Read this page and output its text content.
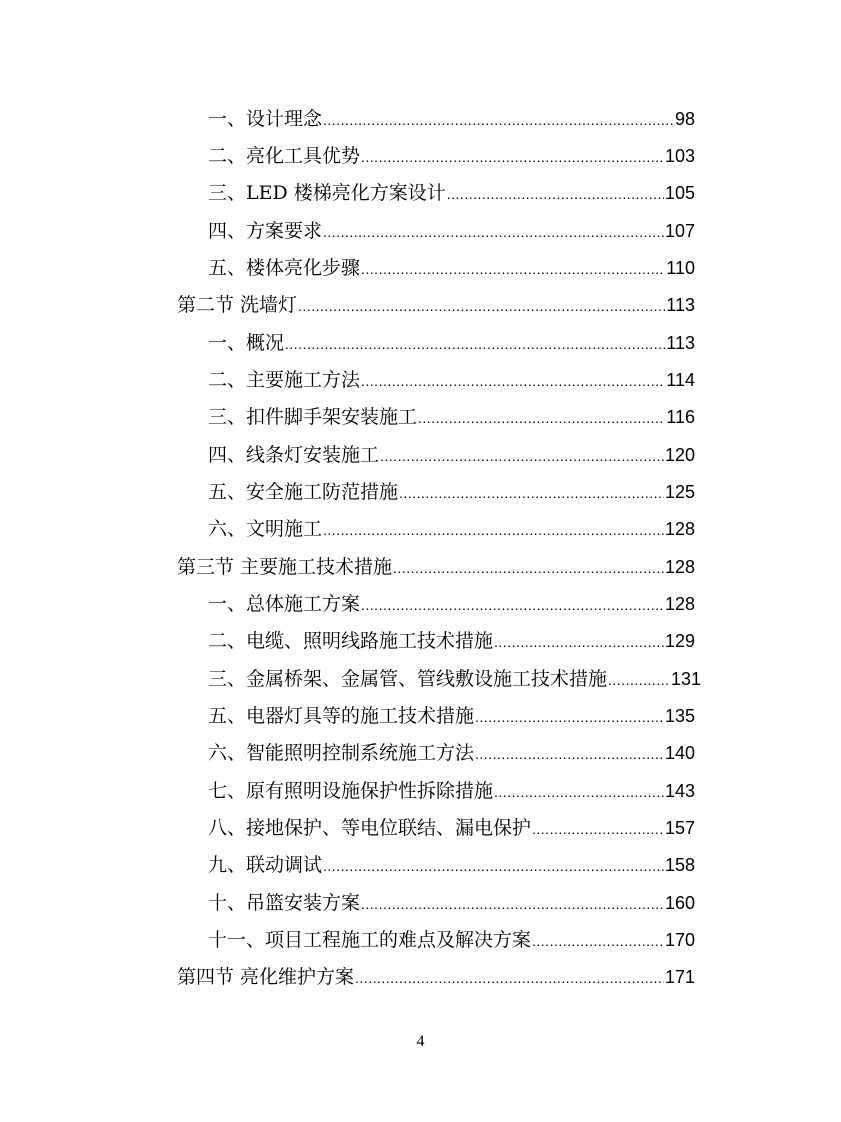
一、设计理念 .....	98
二、亮化工具优势 .....	103
三、LED 楼梯亮化方案设计 .....	105
四、方案要求 .....	107
五、楼体亮化步骤 .....	110
第二节 洗墙灯 .....	113
一、概况 .....	113
二、主要施工方法 .....	114
三、扣件脚手架安装施工 .....	116
四、线条灯安装施工 .....	120
五、安全施工防范措施 .....	125
六、文明施工 .....	128
第三节 主要施工技术措施 .....	128
一、总体施工方案 .....	128
二、电缆、照明线路施工技术措施 .....	129
三、金属桥架、金属管、管线敷设施工技术措施 .....	131
五、电器灯具等的施工技术措施 .....	135
六、智能照明控制系统施工方法 .....	140
七、原有照明设施保护性拆除措施 .....	143
八、接地保护、等电位联结、漏电保护 .....	157
九、联动调试 .....	158
十、吊篮安装方案 .....	160
十一、项目工程施工的难点及解决方案 .....	170
第四节 亮化维护方案 .....	171
4
